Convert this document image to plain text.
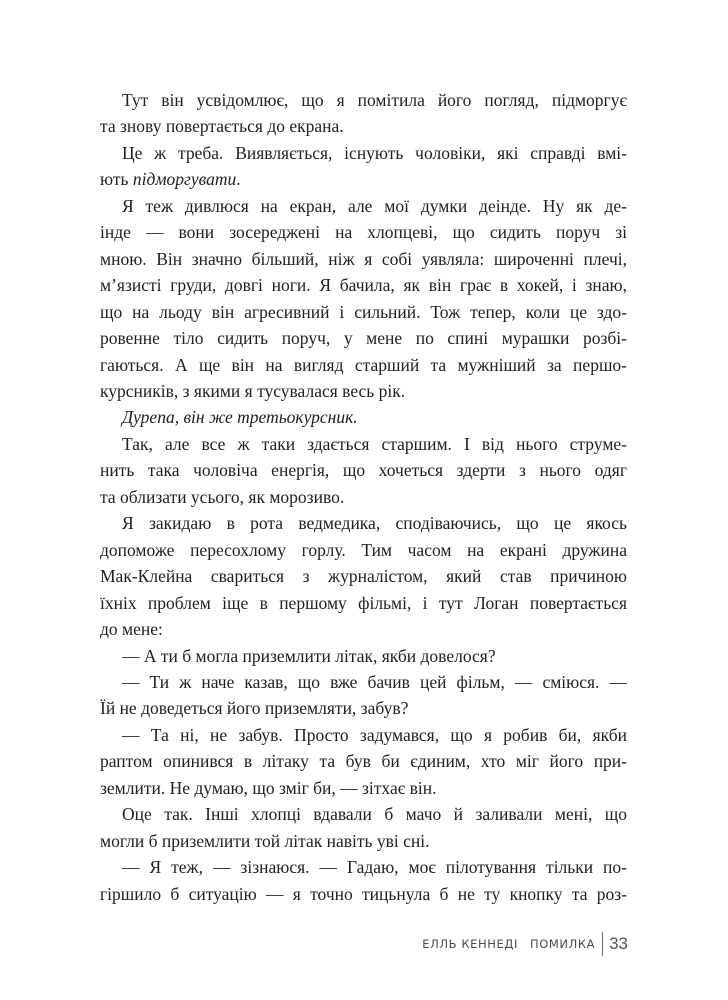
Тут він усвідомлює, що я помітила його погляд, підморгує
та знову повертається до екрана.
Це ж треба. Виявляється, існують чоловіки, які справді вмі-
ють підморгувати.
Я теж дивлюся на екран, але мої думки деінде. Ну як де-
інде — вони зосереджені на хлопцеві, що сидить поруч зі
мною. Він значно більший, ніж я собі уявляла: широченні плечі,
м’язисті груди, довгі ноги. Я бачила, як він грає в хокей, і знаю,
що на льоду він агресивний і сильний. Тож тепер, коли це здо-
ровенне тіло сидить поруч, у мене по спині мурашки розбі-
гаються. А ще він на вигляд старший та мужніший за першо-
курсників, з якими я тусувалася весь рік.
Дурепа, він же третьокурсник.
Так, але все ж таки здається старшим. І від нього струме-
нить така чоловіча енергія, що хочеться здерти з нього одяг
та облизати усього, як морозиво.
Я закидаю в рота ведмедика, сподіваючись, що це якось
допоможе пересохлому горлу. Тим часом на екрані дружина
Мак-Клейна свариться з журналістом, який став причиною
їхніх проблем іще в першому фільмі, і тут Логан повертається
до мене:
— А ти б могла приземлити літак, якби довелося?
— Ти ж наче казав, що вже бачив цей фільм, — сміюся. —
Їй не доведеться його приземляти, забув?
— Та ні, не забув. Просто задумався, що я робив би, якби
раптом опинився в літаку та був би єдиним, хто міг його при-
землити. Не думаю, що зміг би, — зітхає він.
Оце так. Інші хлопці вдавали б мачо й заливали мені, що
могли б приземлити той літак навіть уві сні.
— Я теж, — зізнаюся. — Гадаю, моє пілотування тільки по-
гіршило б ситуацію — я точно тицьнула б не ту кнопку та роз-
ЕЛЛЬ КЕННЕДІ ПОМИЛКА 33
